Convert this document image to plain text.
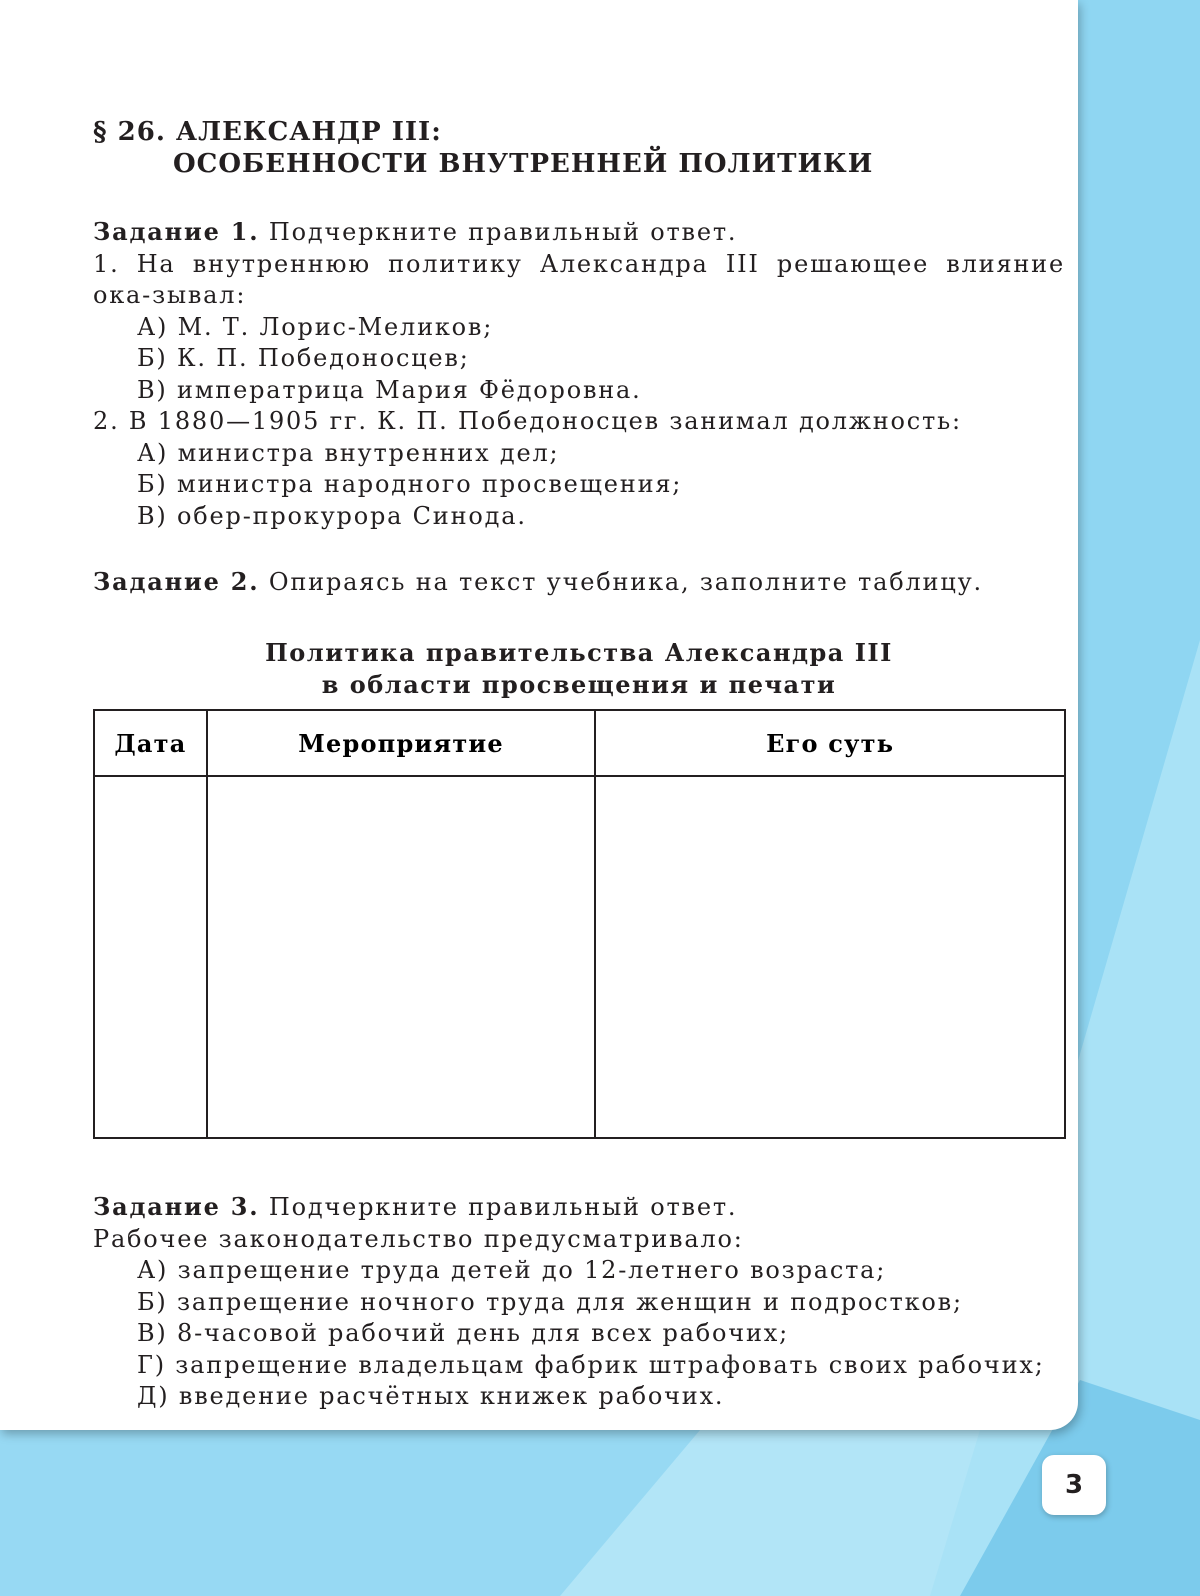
§ 26. АЛЕКСАНДР III:
ОСОБЕННОСТИ ВНУТРЕННЕЙ ПОЛИТИКИ

Задание 1. Подчеркните правильный ответ.

1. На внутреннюю политику Александра III решающее влияние ока-зывал:

А) М. Т. Лорис-Меликов;

Б) К. П. Победоносцев;

В) императрица Мария Фёдоровна.

2. В 1880—1905 гг. К. П. Победоносцев занимал должность:

А) министра внутренних дел;

Б) министра народного просвещения;

В) обер-прокурора Синода.

Задание 2. Опираясь на текст учебника, заполните таблицу.

Политика правительства Александра III
в области просвещения и печати

Дата	Мероприятие	Его суть

Задание 3. Подчеркните правильный ответ.

Рабочее законодательство предусматривало:

А) запрещение труда детей до 12-летнего возраста;

Б) запрещение ночного труда для женщин и подростков;

В) 8-часовой рабочий день для всех рабочих;

Г) запрещение владельцам фабрик штрафовать своих рабочих;

Д) введение расчётных книжек рабочих.

3
